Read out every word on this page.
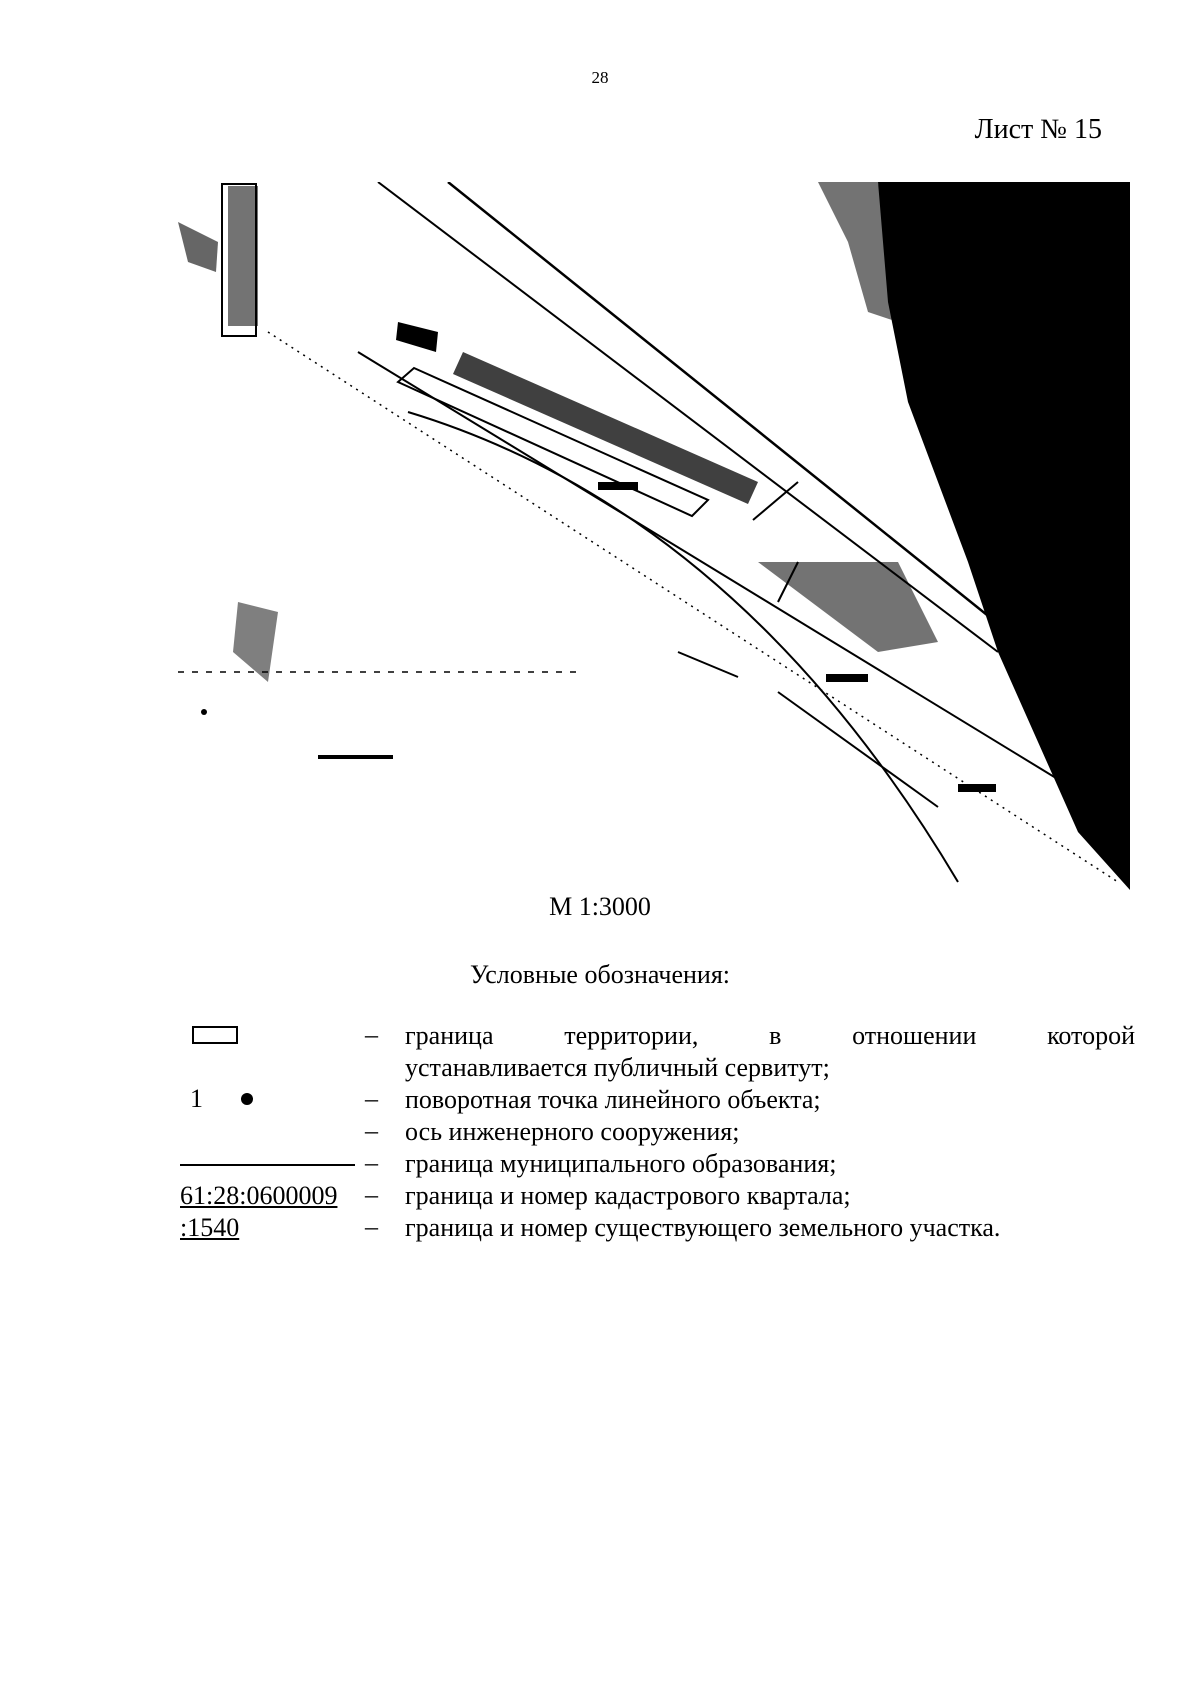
28
Лист № 15
М 1:3000
Условные обозначения:
–	граница территории, в отношении которой
устанавливается публичный сервитут;
1	–	поворотная точка линейного объекта;
–	ось инженерного сооружения;
–	граница муниципального образования;
61:28:0600009	–	граница и номер кадастрового квартала;
:1540	–	граница и номер существующего земельного участка.
